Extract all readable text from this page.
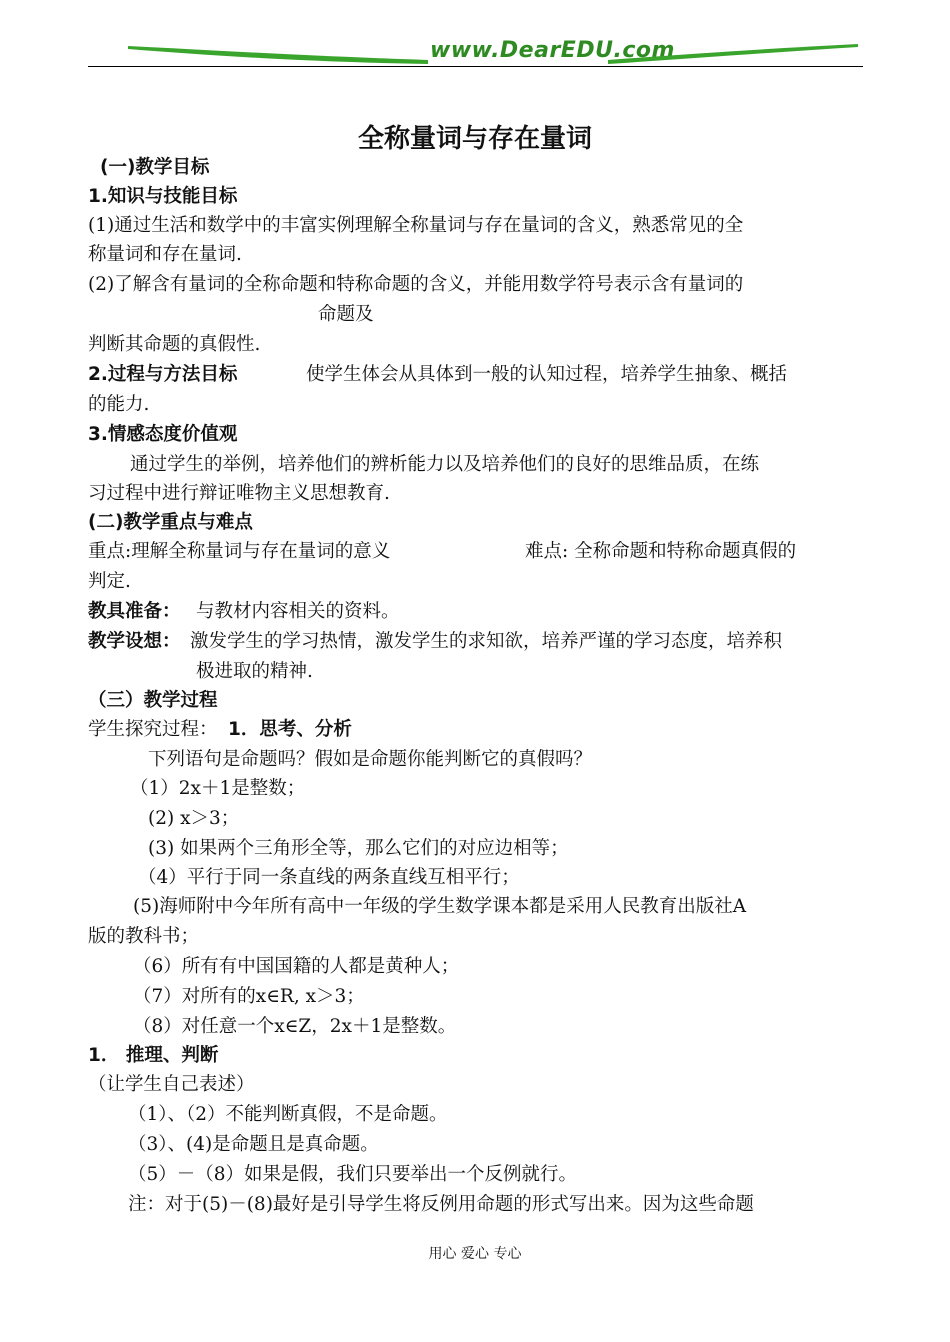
www.DearEDU.com
全称量词与存在量词
(一)教学目标
1.知识与技能目标
(1)通过生活和数学中的丰富实例理解全称量词与存在量词的含义，熟悉常见的全
称量词和存在量词.
(2)了解含有量词的全称命题和特称命题的含义，并能用数学符号表示含有量词的
命题及
判断其命题的真假性.
2.过程与方法目标	使学生体会从具体到一般的认知过程，培养学生抽象、概括
的能力.
3.情感态度价值观
通过学生的举例，培养他们的辨析能力以及培养他们的良好的思维品质，在练
习过程中进行辩证唯物主义思想教育.
(二)教学重点与难点
重点:理解全称量词与存在量词的意义	难点: 全称命题和特称命题真假的
判定.
教具准备： 与教材内容相关的资料。
教学设想： 激发学生的学习热情，激发学生的求知欲，培养严谨的学习态度，培养积
极进取的精神.
（三）教学过程
学生探究过程： 1．思考、分析
下列语句是命题吗？假如是命题你能判断它的真假吗？
（1）2x＋1是整数；
(2) x＞3；
(3) 如果两个三角形全等，那么它们的对应边相等；
（4）平行于同一条直线的两条直线互相平行；
(5)海师附中今年所有高中一年级的学生数学课本都是采用人民教育出版社A
版的教科书；
（6）所有有中国国籍的人都是黄种人；
（7）对所有的x∈R, x＞3；
（8）对任意一个x∈Z，2x＋1是整数。
1． 推理、判断
（让学生自己表述）
（1）、（2）不能判断真假，不是命题。
（3）、(4)是命题且是真命题。
（5）－（8）如果是假，我们只要举出一个反例就行。
注：对于(5)－(8)最好是引导学生将反例用命题的形式写出来。因为这些命题
用心 爱心 专心
